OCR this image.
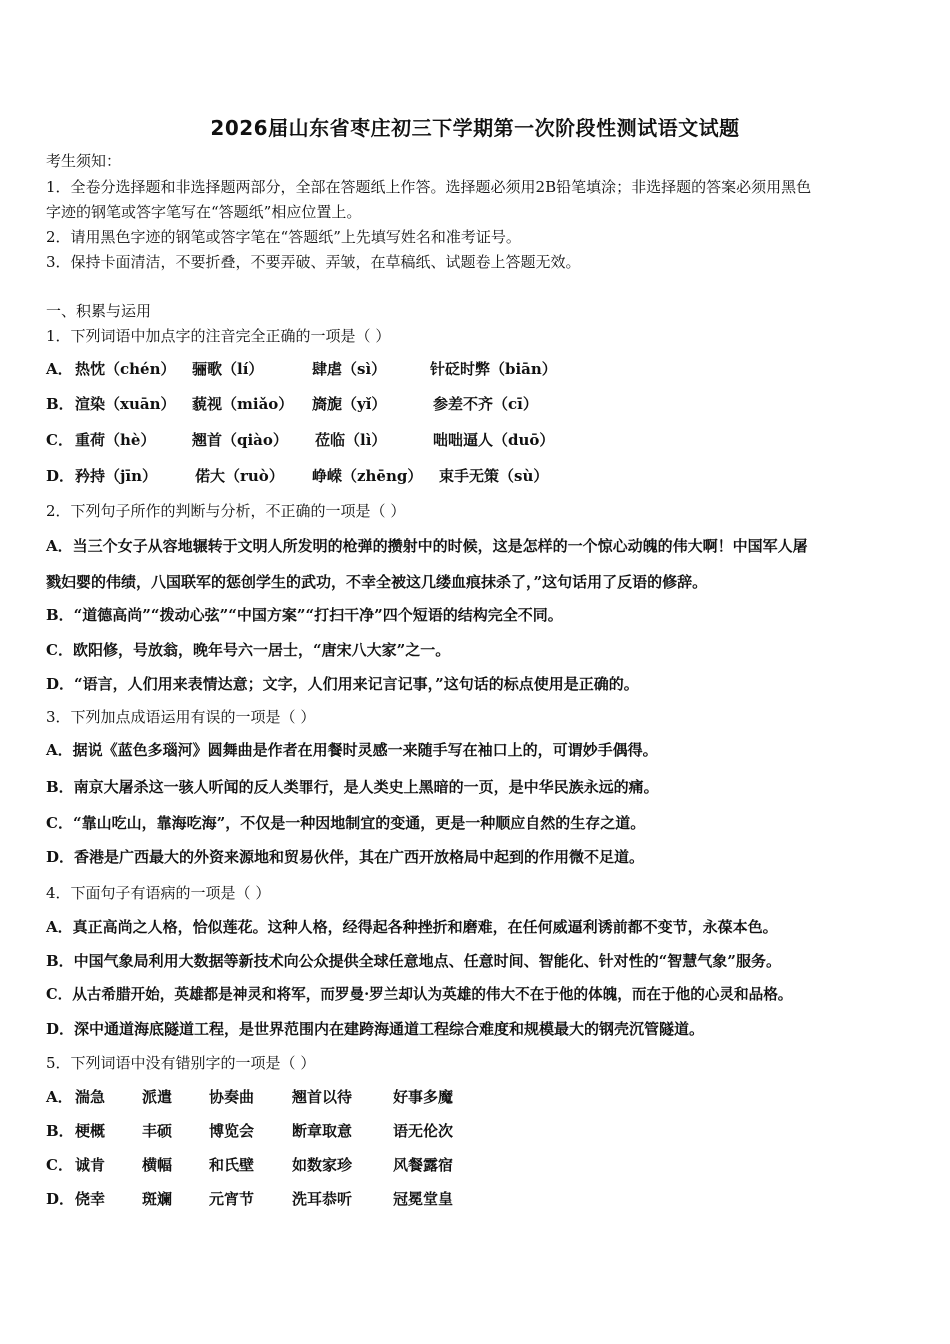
2026届山东省枣庄初三下学期第一次阶段性测试语文试题
考生须知：
1．全卷分选择题和非选择题两部分，全部在答题纸上作答。选择题必须用2B铅笔填涂；非选择题的答案必须用黑色
字迹的钢笔或答字笔写在“答题纸”相应位置上。
2．请用黑色字迹的钢笔或答字笔在“答题纸”上先填写姓名和准考证号。
3．保持卡面清洁，不要折叠，不要弄破、弄皱，在草稿纸、试题卷上答题无效。
一、积累与运用
1．下列词语中加点字的注音完全正确的一项是（ ）
A． 热忱（chén） 骊歌（lí）	肆虐（sì）	针砭时弊（biān）
B． 渲染（xuān） 藐视（miǎo） 旖旎（yǐ）	参差不齐（cī）
C． 重荷（hè） 翘首（qiào） 莅临（lì）	咄咄逼人（duō）
D． 矜持（jīn）	偌大（ruò） 峥嵘（zhēng） 束手无策（sù）
2．下列句子所作的判断与分析，不正确的一项是（ ）
A．当三个女子从容地辗转于文明人所发明的枪弹的攒射中的时候，这是怎样的一个惊心动魄的伟大啊！中国军人屠
戮妇婴的伟绩，八国联军的惩创学生的武功，不幸全被这几缕血痕抹杀了，”这句话用了反语的修辞。
B．“道德高尚”“拨动心弦”“中国方案”“打扫干净”四个短语的结构完全不同。
C．欧阳修，号放翁，晚年号六一居士，“唐宋八大家”之一。
D．“语言，人们用来表情达意；文字，人们用来记言记事，”这句话的标点使用是正确的。
3．下列加点成语运用有误的一项是（ ）
A．据说《蓝色多瑙河》圆舞曲是作者在用餐时灵感一来随手写在袖口上的，可谓妙手偶得。
B．南京大屠杀这一骇人听闻的反人类罪行，是人类史上黑暗的一页，是中华民族永远的痛。
C．“靠山吃山，靠海吃海”，不仅是一种因地制宜的变通，更是一种顺应自然的生存之道。
D．香港是广西最大的外资来源地和贸易伙伴，其在广西开放格局中起到的作用微不足道。
4．下面句子有语病的一项是（ ）
A．真正高尚之人格，恰似莲花。这种人格，经得起各种挫折和磨难，在任何威逼利诱前都不变节，永葆本色。
B．中国气象局利用大数据等新技术向公众提供全球任意地点、任意时间、智能化、针对性的“智慧气象”服务。
C．从古希腊开始，英雄都是神灵和将军，而罗曼·罗兰却认为英雄的伟大不在于他的体魄，而在于他的心灵和品格。
D．深中通道海底隧道工程，是世界范围内在建跨海通道工程综合难度和规模最大的钢壳沉管隧道。
5．下列词语中没有错别字的一项是（ ）
A． 湍急 派遣 协奏曲	翘首以待	好事多魔
B． 梗概 丰硕 博览会	断章取意	语无伦次
C． 诚肯 横幅 和氏壁	如数家珍	风餐露宿
D． 侥幸 斑斓 元宵节	洗耳恭听	冠冕堂皇
